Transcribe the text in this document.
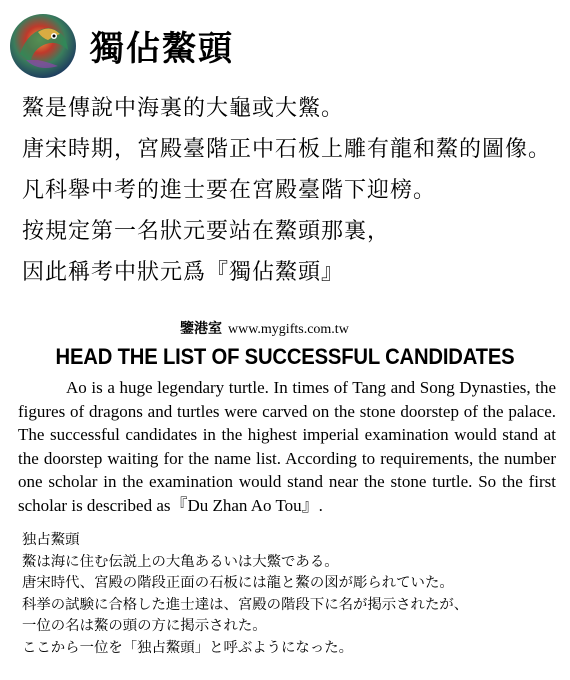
獨佔鰲頭
鰲是傳說中海裏的大龜或大鱉。
唐宋時期，宮殿臺階正中石板上雕有龍和鰲的圖像。
凡科舉中考的進士要在宮殿臺階下迎榜。
按規定第一名狀元要站在鰲頭那裏，
因此稱考中狀元爲『獨佔鰲頭』
鑒港室 www.mygifts.com.tw
HEAD THE LIST OF SUCCESSFUL CANDIDATES

Ao is a huge legendary turtle. In times of Tang and Song Dynasties, the figures of dragons and turtles were carved on the stone doorstep of the palace. The successful candidates in the highest imperial examination would stand at the doorstep waiting for the name list. According to requirements, the number one scholar in the examination would stand near the stone turtle. So the first scholar is described as『Du Zhan Ao Tou』.

独占鰲頭
鰲は海に住む伝説上の大亀あるいは大鱉である。
唐宋時代、宮殿の階段正面の石板には龍と鰲の図が彫られていた。
科挙の試験に合格した進士達は、宮殿の階段下に名が掲示されたが、
一位の名は鰲の頭の方に掲示された。
ここから一位を「独占鰲頭」と呼ぶようになった。
